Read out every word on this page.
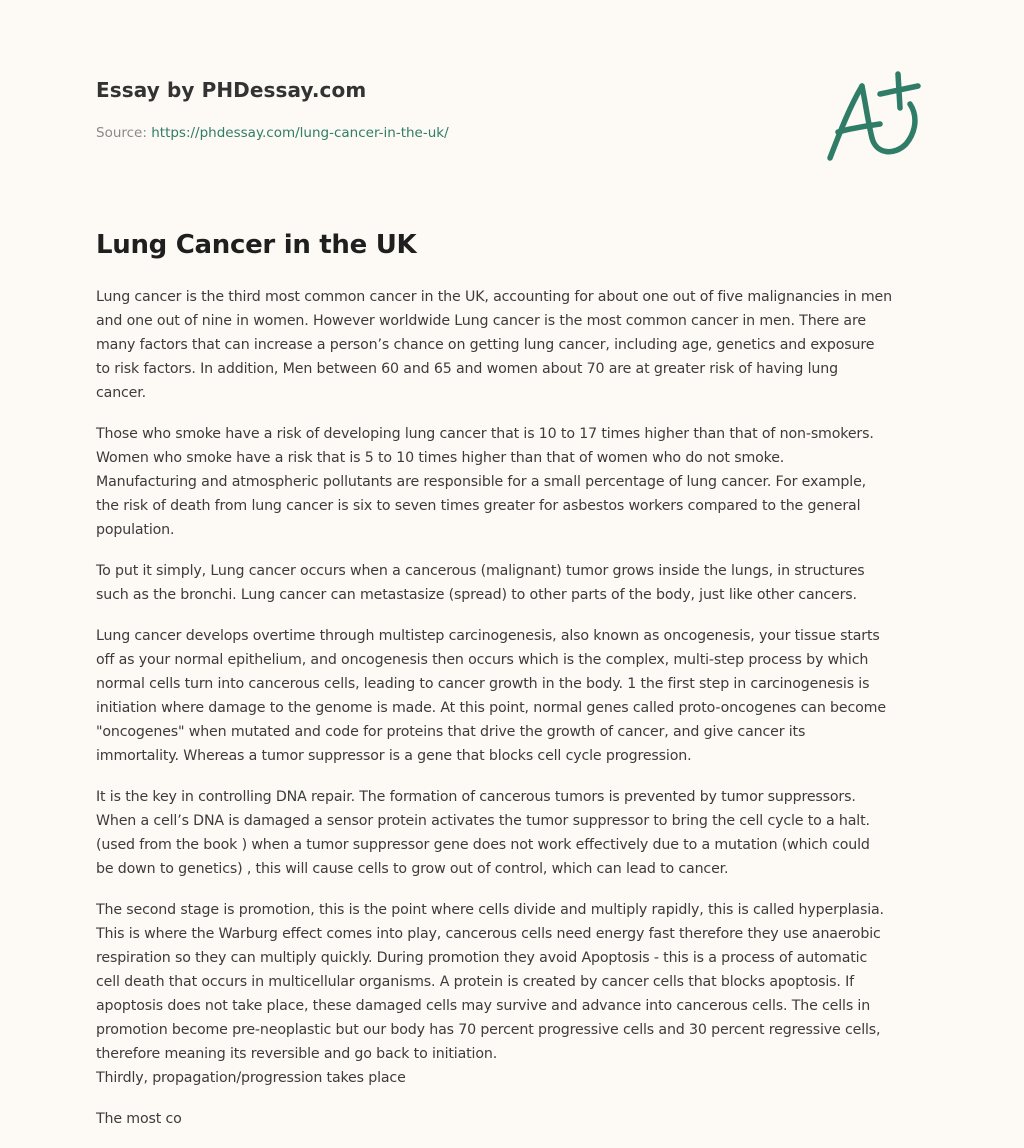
Essay by PHDessay.com
Source: https://phdessay.com/lung-cancer-in-the-uk/
Lung Cancer in the UK

Lung cancer is the third most common cancer in the UK, accounting for about one out of five malignancies in men
and one out of nine in women. However worldwide Lung cancer is the most common cancer in men. There are
many factors that can increase a person’s chance on getting lung cancer, including age, genetics and exposure
to risk factors. In addition, Men between 60 and 65 and women about 70 are at greater risk of having lung
cancer.

Those who smoke have a risk of developing lung cancer that is 10 to 17 times higher than that of non-smokers.
Women who smoke have a risk that is 5 to 10 times higher than that of women who do not smoke.
Manufacturing and atmospheric pollutants are responsible for a small percentage of lung cancer. For example,
the risk of death from lung cancer is six to seven times greater for asbestos workers compared to the general
population.

To put it simply, Lung cancer occurs when a cancerous (malignant) tumor grows inside the lungs, in structures
such as the bronchi. Lung cancer can metastasize (spread) to other parts of the body, just like other cancers.

Lung cancer develops overtime through multistep carcinogenesis, also known as oncogenesis, your tissue starts
off as your normal epithelium, and oncogenesis then occurs which is the complex, multi-step process by which
normal cells turn into cancerous cells, leading to cancer growth in the body. 1 the first step in carcinogenesis is
initiation where damage to the genome is made. At this point, normal genes called proto-oncogenes can become
"oncogenes" when mutated and code for proteins that drive the growth of cancer, and give cancer its
immortality. Whereas a tumor suppressor is a gene that blocks cell cycle progression.

It is the key in controlling DNA repair. The formation of cancerous tumors is prevented by tumor suppressors.
When a cell’s DNA is damaged a sensor protein activates the tumor suppressor to bring the cell cycle to a halt.
(used from the book ) when a tumor suppressor gene does not work effectively due to a mutation (which could
be down to genetics) , this will cause cells to grow out of control, which can lead to cancer.

The second stage is promotion, this is the point where cells divide and multiply rapidly, this is called hyperplasia.
This is where the Warburg effect comes into play, cancerous cells need energy fast therefore they use anaerobic
respiration so they can multiply quickly. During promotion they avoid Apoptosis - this is a process of automatic
cell death that occurs in multicellular organisms. A protein is created by cancer cells that blocks apoptosis. If
apoptosis does not take place, these damaged cells may survive and advance into cancerous cells. The cells in
promotion become pre-neoplastic but our body has 70 percent progressive cells and 30 percent regressive cells,
therefore meaning its reversible and go back to initiation.
Thirdly, propagation/progression takes place

The most co
